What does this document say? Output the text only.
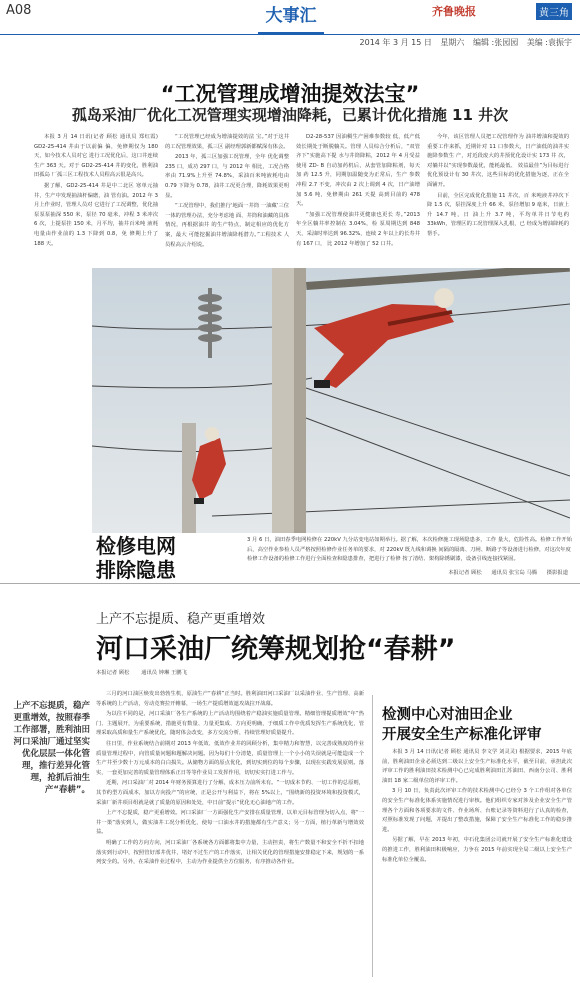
A08	大事汇	齐鲁晚报	黄三角
2014 年 3 月 15 日 星期六 编辑 :张园园 美编 :袁振宇
“工况管理成增油提效法宝”
孤岛采油厂优化工况管理实现增油降耗，已累计优化措施 11 井次

本报 3 月 14 日讯(记者 顾松 通讯员 郑红霞) GD2-25-414 井由于以前偏 偏，免修期仅为 180 天，如今技术人员对它 进行工况优化后，这口井连续生产 363 天。对于 GD2-25-414 井的变化，胜利油田孤岛 厂孤三区工程技术人员程高云很是高兴。

据了解，GD2-25-414 井是中二北区 寒单元抽井，生产中发现抽油杆偏磨，油 管有油。2012 年 3 月上作业时，管理人员对 它进行了工况调整，优化抽泵泵泵抽深 550 米，泵径 70 毫米，冲程 3 米冲次 6 次，上提泵挂 150 米，月平均，抽井百米吨 液耗电量由作业前的 1.3 下降到 0.8，免 修期上升了 188 天。

“工况管理已经成为增油提效的法 宝。”对于这井的工况管理效果，孤三区 副经理郭新都赋深有体会。

2013 年，孤三区加强工况管理，全年 优化调整 235 口，成功 297 口，与 2012 年 相比，工况合格率由 71.9%上升至 74.8%，采油百米吨液耗电由 0.79 下降为 0.78，油井工况更合理，降耗效果更明显。

“工况管理中，我们推行‘地面一井筒 一油藏’三位一体的管理办法，充分考虑地 面、井筒和油藏的具体情况，再根据油井 的生产特点，制定相应的优化方案，最大 可能挖掘油井增油降耗潜力。”工程技术 人员程高云介绍说。

D2-28-537 因油稠生产困难参数较 低，低产低效长期处于断脱躺关。管理 人员综合分析后，“双管齐下”实施高下提 水与井筒降粘，2012 年 4 月受益使用 ZD- B 自动加药机后，从套管加降粘剂，每天加 药 12.5 升，同期加温随变为正常后，生产 参数冲程 2.7 不变，冲次由 2 次上调到 4 次，日产油增加 5.6 吨，免修期由 261 天提 高到目前的 478 天。

“加强工况管理使油井更健康也更长 寿。”2013 年全区躺井率控制在 3.04%，检 泵周期达到 848 天，采油时率达到 96.32%，连续 2 年以上的长寿井有 167 口， 比 2012 年增加了 52 口井。

今年，该区管理人员把工况管理作为 油井增油和提效的重要工作来抓，近期针对 11 口参数大，日产油低的油井实施降参数生 产，对近段废大的井预优化设计实 173 井 次，对躺井以“实现参数最优，能耗最低、 效益最佳”为目标进行优化预设计有 30 井次，这些目标的优化措施为逐，正在全面铺开。

目前，全区完成优化措施 11 井次，百 米吨液井冲次下降 1.5 次，泵挂深度上升 66 米，泵径增加 9 毫米，日液上升 14.7 吨，日 油上升 3.7 吨，平均单井日节电约 33kWh，管理区的工况管理深入扎根，已 经成为增油降耗的帮手。

检修电网
排除隐患
3 月 6 日，油田春季电网检修在 220kV 九分站变电站如期举行。据了解，本次检修施工现场隐患多，工作 量大，危险性高。检修工作开始后，高空作业参检人员严格按照检修作业任务单的要求，对 220kV 既九线和调换 间隔的隔离、刀闸、断路子等设备进行检修，对这次年度检修工作设备的检修工作进行全面检查和隐患排查，把进行了检修 按了清结、架构除锈刷漆，设备引线连接找紧固。
本报记者 顾松 通讯员 张宝岛 马腾 摄影报道
上产不忘提质、稳产更重增效
河口采油厂统筹规划抢“春耕”
本报记者 顾松 通讯员 钟琳 王鹏飞
上产不忘提质，稳产更重增效，按照春季工作部署，胜利油田河口采油厂通过坚实优化层层一体化管理，推行差异化管理，抢抓后油生产“春耕”。

三月的河口油区焕发出勃勃生机，原油生产“春耕”正当时。胜利油田河口采油厂以采油作业、生产管理、高新等系统的上产活动，劳动竞赛拉开帷幕，一场生产提质增效遮攻战拉开战幕。

为以往不同的是，河口采油厂各生产系统的上产活动均围绕着产稳油实施质量管理。精细管理提质增效“年”热门、主题展开，为重要系统，措施更有数量、力量更集成、方向更明确，于细质工作中优质发挥生产系统优化，管理采取高质和量生产系统优化，随时体会改变，多方交流分析，持续管理好质量提升。

往日里，作业系统结合前期对 2013 年低效、低效作业井的回顾分析，集中精力和智慧，以完善成熟度的作业质量管理过程中，向管质量问题和题解决问题。因为每们十分清楚，质量管理上一个小小的失误就是可能造成一个生产井至少数十万元成本的白白损失。从储物方面的原点优化，到切实到位的每个步骤，以现在实践发展原则。落实，一套更加完善的质量管理体系正日等等作业员工发挥作用，切切实实打进工作与。

近期，河口采油厂对 2014 年财务预算进行了分解，成本压力前所未有。“一切成本节约、一切工作的总原则，其节约型方面成本，加以方向投产”的应统，正是公开与利益下，将在 5%以上，“围绕新的投资环境和投资模式，采油厂新井项目组就是就了质量的原因和处处，中日前“提示”优化无心油地产的工作。

上产不忘提质，稳产更重增效。河口采油厂一方面强化生产安排在质量管理，以单元目标管理为切入点，将“一井一策”落实到人，做实油井工况分析优化，使每一口油水井的措施都有生产意义；另一方面，植行革新与增效效益。

明确了工作的方向方向，河口采油厂各系统各方面都将集中力量，主动担责，将生产数量不和安全不折不扣地落实到行动中，按照管好部井优井，堵好不过生产的工作落实，让相关优化的管理措施安排稳定下来，规划的一系列安全的。另外，在采油作业过程中，主动为作业提供全方位服务，有序推动各作业。

检测中心对油田企业
开展安全生产标准化评审

本报 3 月 14 日讯(记者 顾松 通讯员 李文学 刘灵灵) 根据要求，2015 年底前，胜利油田企业必须达到二级以上安全生产标准化水平，截至目前，承担此次评审工作的胜利油田技术检测中心已完成胜利油田江苏油田、西南分公司、胜利油田 18 家二级单位的评审工作。

3 月 10 日，负责此次评审工作的技术检测中心已经分 3 个工作组对各单位的安全生产标准化体系实施情况进行审核。他们组织专家对涉及企业安全生产管理各个方面和各项要求的文件、作业场所、台账记录等资料进行了认真的检查，对照标准发现了问题，并提出了整改措施，保障了安全生产标准化工作的稳步推进。

另据了解，早在 2013 年初，中石化集团公司就开展了安全生产标准化建设的推进工作，胜利油田积极响应，力争在 2015 年前实现全局二级以上安全生产标准化单位全覆盖。
